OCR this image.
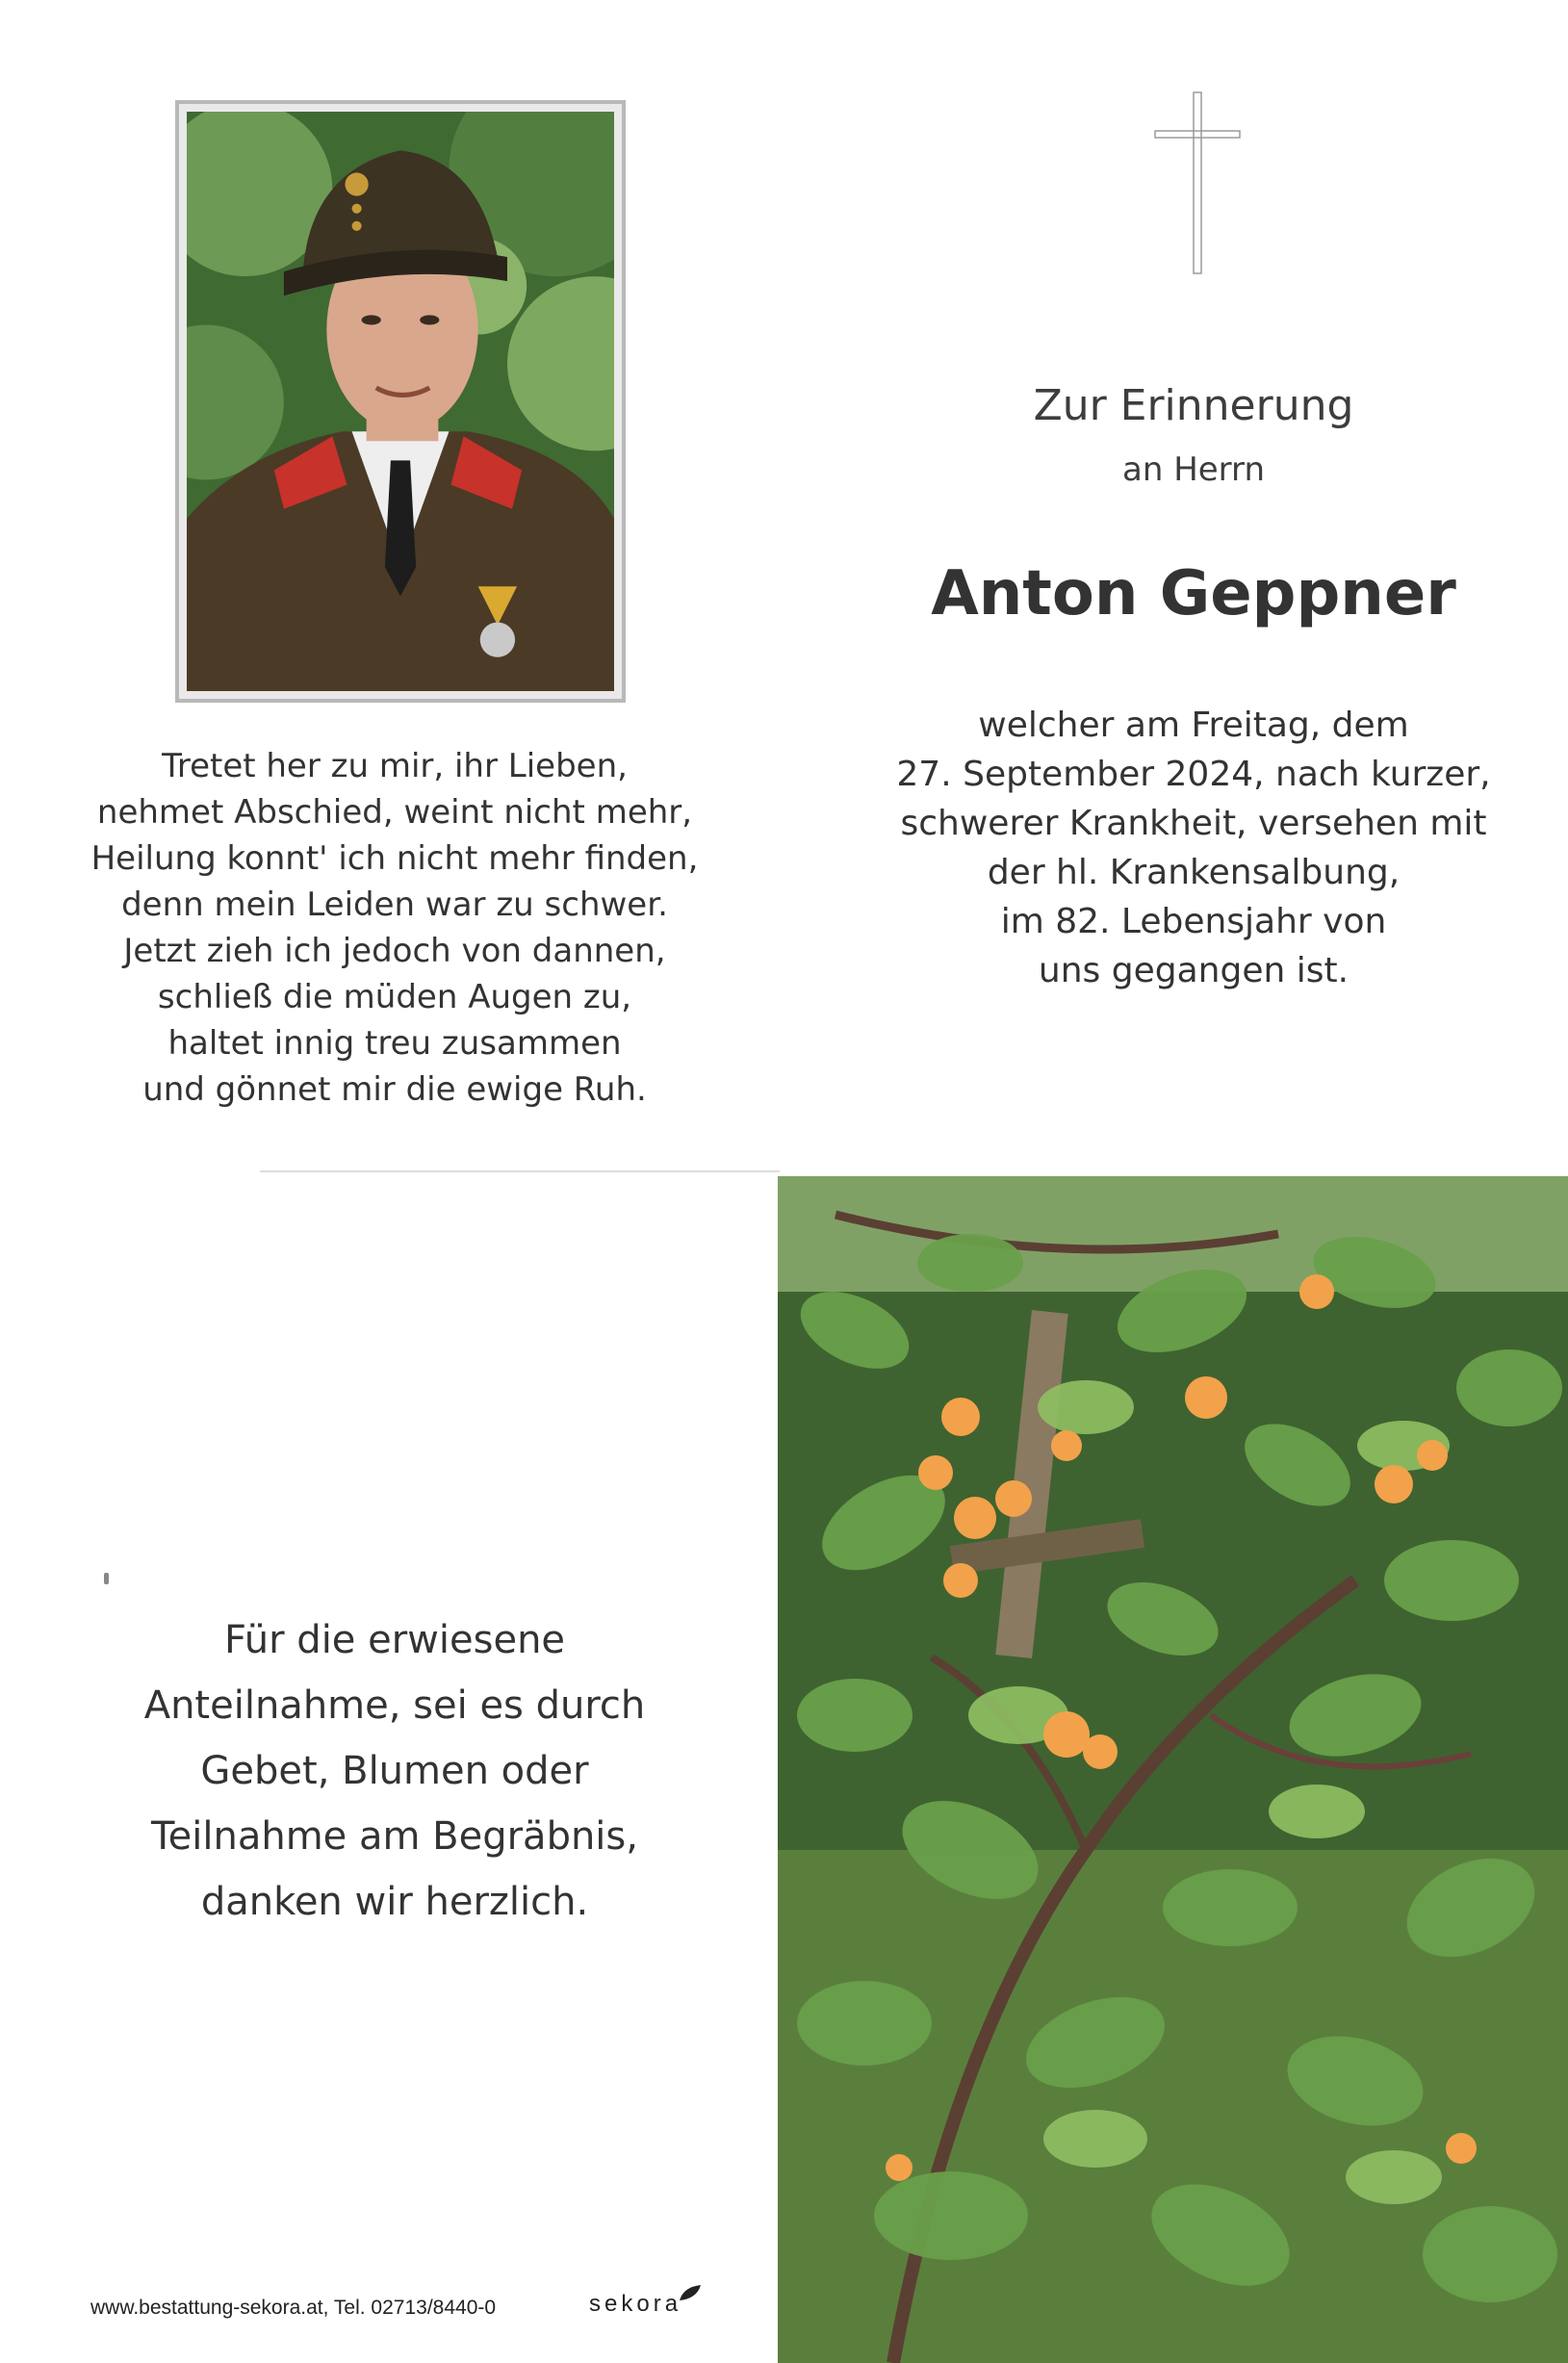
Tretet her zu mir, ihr Lieben,
nehmet Abschied, weint nicht mehr,
Heilung konnt' ich nicht mehr finden,
denn mein Leiden war zu schwer.
Jetzt zieh ich jedoch von dannen,
schließ die müden Augen zu,
haltet innig treu zusammen
und gönnet mir die ewige Ruh.
Zur Erinnerung
an Herrn
Anton Geppner
welcher am Freitag, dem
27. September 2024, nach kurzer,
schwerer Krankheit, versehen mit
der hl. Krankensalbung,
im 82. Lebensjahr von
uns gegangen ist.
Für die erwiesene
Anteilnahme, sei es durch
Gebet, Blumen oder
Teilnahme am Begräbnis,
danken wir herzlich.
www.bestattung-sekora.at, Tel. 02713/8440-0	sekora
